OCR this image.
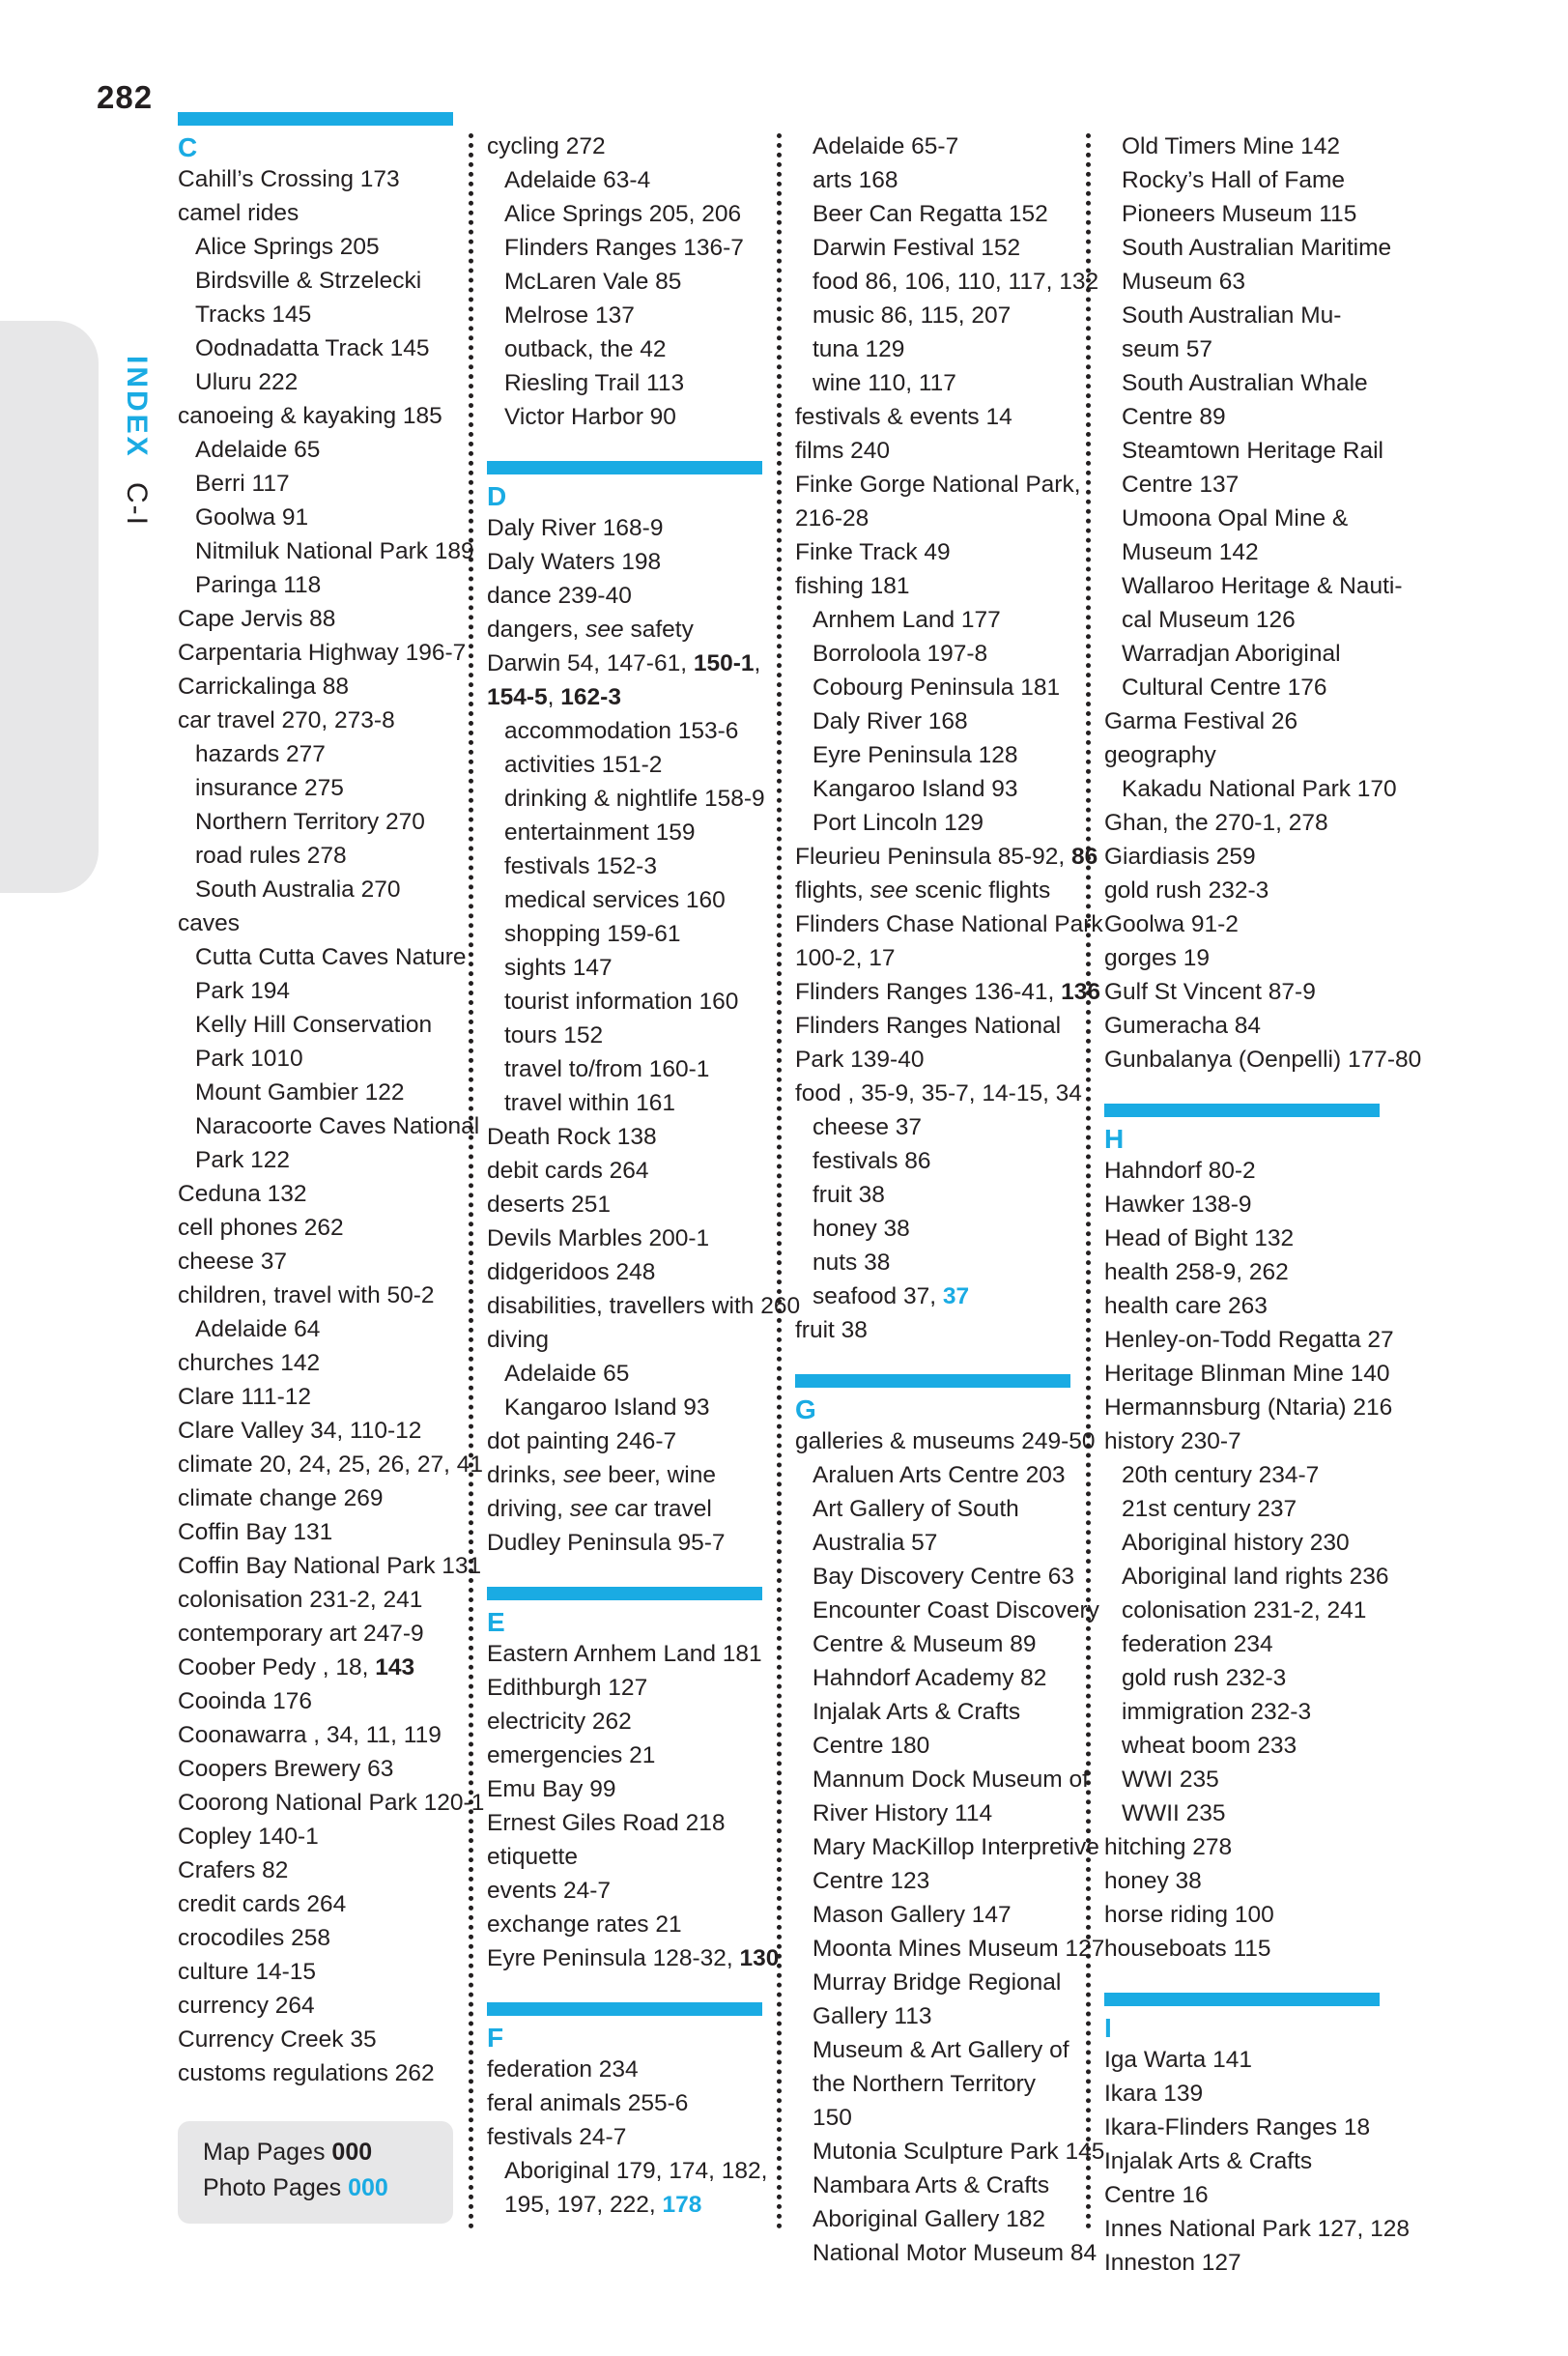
282
INDEX C-I
C
Cahill’s Crossing 173
camel rides
Alice Springs 205
Birdsville & Strzelecki
Tracks 145
Oodnadatta Track 145
Uluru 222
canoeing & kayaking 185
Adelaide 65
Berri 117
Goolwa 91
Nitmiluk National Park 189
Paringa 118
Cape Jervis 88
Carpentaria Highway 196-7
Carrickalinga 88
car travel 270, 273-8
hazards 277
insurance 275
Northern Territory 270
road rules 278
South Australia 270
caves
Cutta Cutta Caves Nature
Park 194
Kelly Hill Conservation
Park 1010
Mount Gambier 122
Naracoorte Caves National
Park 122
Ceduna 132
cell phones 262
cheese 37
children, travel with 50-2
Adelaide 64
churches 142
Clare 111-12
Clare Valley 34, 110-12
climate 20, 24, 25, 26, 27, 41
climate change 269
Coffin Bay 131
Coffin Bay National Park 131
colonisation 231-2, 241
contemporary art 247-9
Coober Pedy , 18, 143
Cooinda 176
Coonawarra , 34, 11, 119
Coopers Brewery 63
Coorong National Park 120-1
Copley 140-1
Crafers 82
credit cards 264
crocodiles 258
culture 14-15
currency 264
Currency Creek 35
customs regulations 262
cycling 272
Adelaide 63-4
Alice Springs 205, 206
Flinders Ranges 136-7
McLaren Vale 85
Melrose 137
outback, the 42
Riesling Trail 113
Victor Harbor 90
D
Daly River 168-9
Daly Waters 198
dance 239-40
dangers, see safety
Darwin 54, 147-61, 150-1,
154-5, 162-3
accommodation 153-6
activities 151-2
drinking & nightlife 158-9
entertainment 159
festivals 152-3
medical services 160
shopping 159-61
sights 147
tourist information 160
tours 152
travel to/from 160-1
travel within 161
Death Rock 138
debit cards 264
deserts 251
Devils Marbles 200-1
didgeridoos 248
disabilities, travellers with 260
diving
Adelaide 65
Kangaroo Island 93
dot painting 246-7
drinks, see beer, wine
driving, see car travel
Dudley Peninsula 95-7
E
Eastern Arnhem Land 181
Edithburgh 127
electricity 262
emergencies 21
Emu Bay 99
Ernest Giles Road 218
etiquette
events 24-7
exchange rates 21
Eyre Peninsula 128-32, 130
F
federation 234
feral animals 255-6
festivals 24-7
Aboriginal 179, 174, 182,
195, 197, 222, 178
Adelaide 65-7
arts 168
Beer Can Regatta 152
Darwin Festival 152
food 86, 106, 110, 117, 132
music 86, 115, 207
tuna 129
wine 110, 117
festivals & events 14
films 240
Finke Gorge National Park,
216-28
Finke Track 49
fishing 181
Arnhem Land 177
Borroloola 197-8
Cobourg Peninsula 181
Daly River 168
Eyre Peninsula 128
Kangaroo Island 93
Port Lincoln 129
Fleurieu Peninsula 85-92, 86
flights, see scenic flights
Flinders Chase National Park
100-2, 17
Flinders Ranges 136-41, 136
Flinders Ranges National
Park 139-40
food , 35-9, 35-7, 14-15, 34
cheese 37
festivals 86
fruit 38
honey 38
nuts 38
seafood 37, 37
fruit 38
G
galleries & museums 249-50
Araluen Arts Centre 203
Art Gallery of South
Australia 57
Bay Discovery Centre 63
Encounter Coast Discovery
Centre & Museum 89
Hahndorf Academy 82
Injalak Arts & Crafts
Centre 180
Mannum Dock Museum of
River History 114
Mary MacKillop Interpretive
Centre 123
Mason Gallery 147
Moonta Mines Museum 127
Murray Bridge Regional
Gallery 113
Museum & Art Gallery of
the Northern Territory
150
Mutonia Sculpture Park 145
Nambara Arts & Crafts
Aboriginal Gallery 182
National Motor Museum 84
Old Timers Mine 142
Rocky’s Hall of Fame
Pioneers Museum 115
South Australian Maritime
Museum 63
South Australian Mu-
seum 57
South Australian Whale
Centre 89
Steamtown Heritage Rail
Centre 137
Umoona Opal Mine &
Museum 142
Wallaroo Heritage & Nauti-
cal Museum 126
Warradjan Aboriginal
Cultural Centre 176
Garma Festival 26
geography
Kakadu National Park 170
Ghan, the 270-1, 278
Giardiasis 259
gold rush 232-3
Goolwa 91-2
gorges 19
Gulf St Vincent 87-9
Gumeracha 84
Gunbalanya (Oenpelli) 177-80
H
Hahndorf 80-2
Hawker 138-9
Head of Bight 132
health 258-9, 262
health care 263
Henley-on-Todd Regatta 27
Heritage Blinman Mine 140
Hermannsburg (Ntaria) 216
history 230-7
20th century 234-7
21st century 237
Aboriginal history 230
Aboriginal land rights 236
colonisation 231-2, 241
federation 234
gold rush 232-3
immigration 232-3
wheat boom 233
WWI 235
WWII 235
hitching 278
honey 38
horse riding 100
houseboats 115
I
Iga Warta 141
Ikara 139
Ikara-Flinders Ranges 18
Injalak Arts & Crafts
Centre 16
Innes National Park 127, 128
Inneston 127
Map Pages 000
Photo Pages 000
